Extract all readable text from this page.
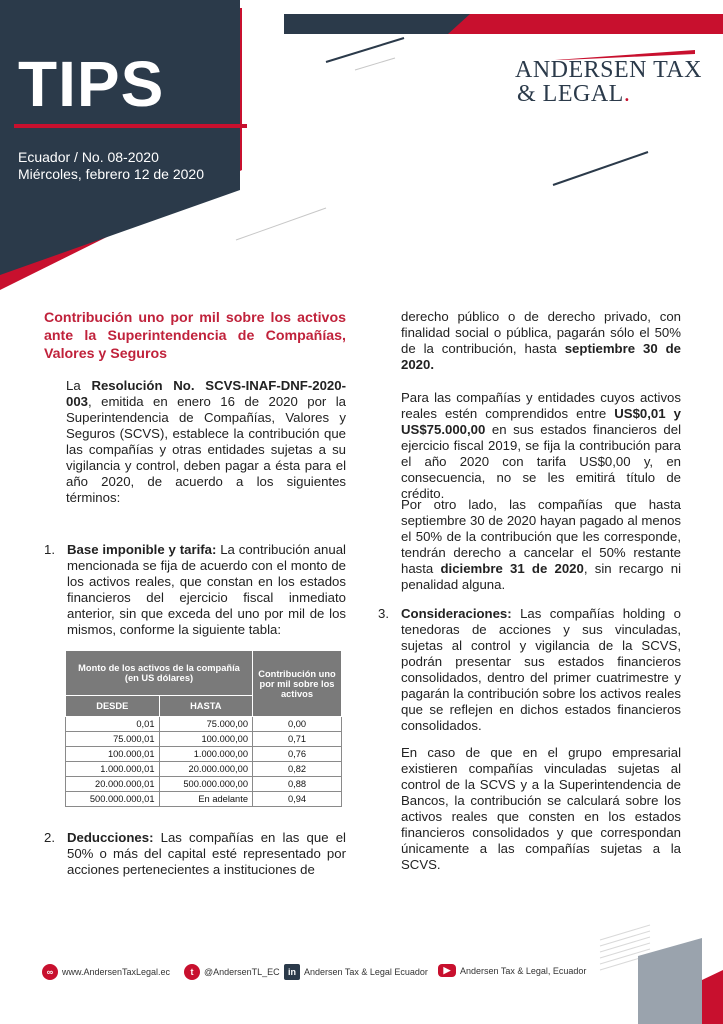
TIPS
Ecuador / No. 08-2020
Miércoles, febrero 12 de 2020
ANDERSEN TAX
& LEGAL.
Contribución uno por mil sobre los activos ante la Superintendencia de Compañías, Valores y Seguros

La Resolución No. SCVS-INAF-DNF-2020-003, emitida en enero 16 de 2020 por la Superintendencia de Compañías, Valores y Seguros (SCVS), establece la contribución que las compañías y otras entidades sujetas a su vigilancia y control, deben pagar a ésta para el año 2020, de acuerdo a los siguientes términos:

1. Base imponible y tarifa: La contribución anual mencionada se fija de acuerdo con el monto de los activos reales, que constan en los estados financieros del ejercicio fiscal inmediato anterior, sin que exceda del uno por mil de los mismos, conforme la siguiente tabla:
Monto de los activos de la compañía (en US dólares)		Contribución uno por mil sobre los activos
DESDE	HASTA	
0,01	75.000,00	0,00
75.000,01	100.000,00	0,71
100.000,01	1.000.000,00	0,76
1.000.000,01	20.000.000,00	0,82
20.000.000,01	500.000.000,00	0,88
500.000.000,01	En adelante	0,94
2. Deducciones: Las compañías en las que el 50% o más del capital esté representado por acciones pertenecientes a instituciones de

derecho público o de derecho privado, con finalidad social o pública, pagarán sólo el 50% de la contribución, hasta septiembre 30 de 2020.

Para las compañías y entidades cuyos activos reales estén comprendidos entre US$0,01 y US$75.000,00 en sus estados financieros del ejercicio fiscal 2019, se fija la contribución para el año 2020 con tarifa US$0,00 y, en consecuencia, no se les emitirá título de crédito.

Por otro lado, las compañías que hasta septiembre 30 de 2020 hayan pagado al menos el 50% de la contribución que les corresponde, tendrán derecho a cancelar el 50% restante hasta diciembre 31 de 2020, sin recargo ni penalidad alguna.

3. Consideraciones: Las compañías holding o tenedoras de acciones y sus vinculadas, sujetas al control y vigilancia de la SCVS, podrán presentar sus estados financieros consolidados, dentro del primer cuatrimestre y pagarán la contribución sobre los activos reales que se reflejen en dichos estados financieros consolidados.

En caso de que en el grupo empresarial existieren compañías vinculadas sujetas al control de la SCVS y a la Superintendencia de Bancos, la contribución se calculará sobre los activos reales que consten en los estados financieros consolidados y que correspondan únicamente a las compañías sujetas a la SCVS.

∞ www.AndersenTaxLegal.ec	t	@AndersenTL_EC in Andersen Tax & Legal Ecuador	▶	Andersen Tax & Legal, Ecuador
